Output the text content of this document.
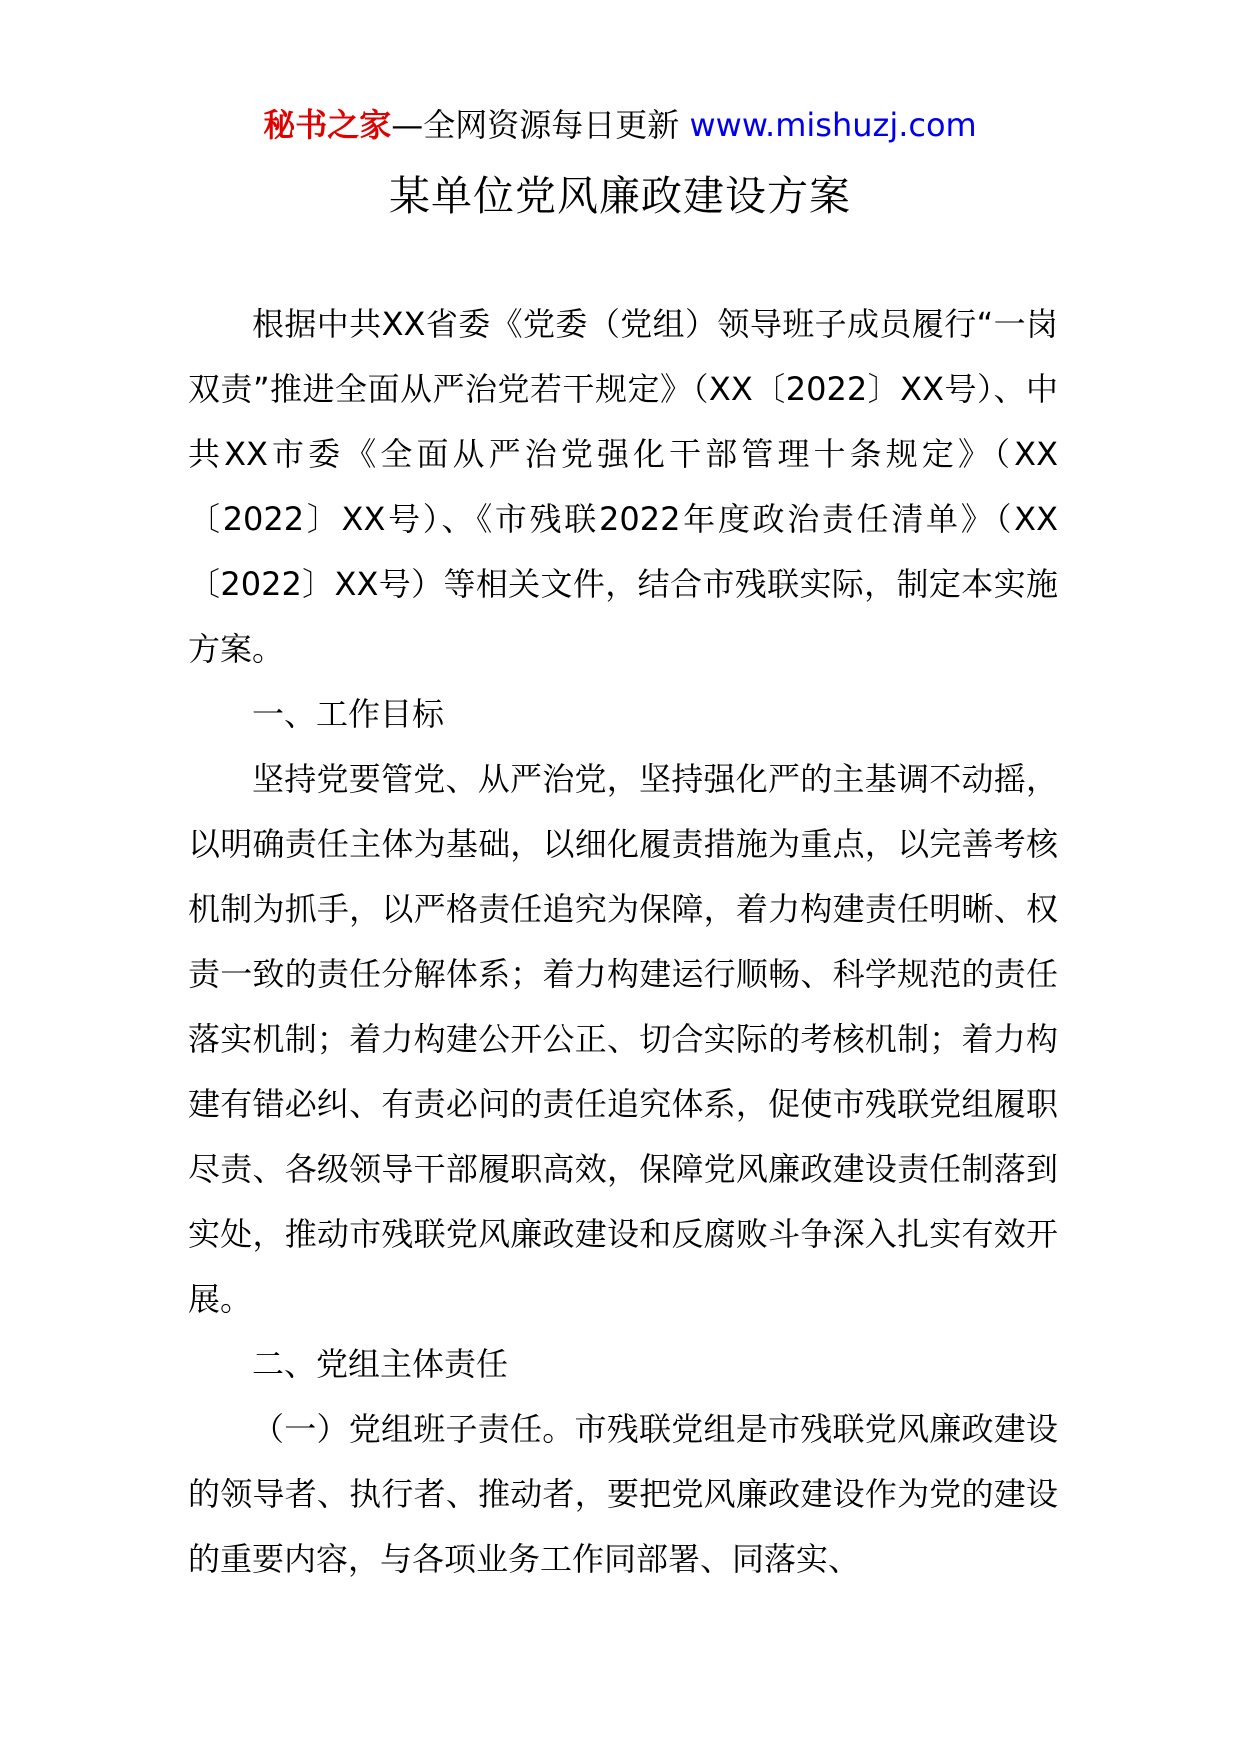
秘书之家—全网资源每日更新 www.mishuzj.com
某单位党风廉政建设方案

根据中共XX省委《党委（党组）领导班子成员履行“一岗双责”推进全面从严治党若干规定》（XX〔2022〕XX号）、中共XX市委《全面从严治党强化干部管理十条规定》（XX〔2022〕XX号）、《市残联2022年度政治责任清单》（XX〔2022〕XX号）等相关文件，结合市残联实际，制定本实施方案。

一、工作目标

坚持党要管党、从严治党，坚持强化严的主基调不动摇，以明确责任主体为基础，以细化履责措施为重点，以完善考核机制为抓手，以严格责任追究为保障，着力构建责任明晰、权责一致的责任分解体系；着力构建运行顺畅、科学规范的责任落实机制；着力构建公开公正、切合实际的考核机制；着力构建有错必纠、有责必问的责任追究体系，促使市残联党组履职尽责、各级领导干部履职高效，保障党风廉政建设责任制落到实处，推动市残联党风廉政建设和反腐败斗争深入扎实有效开展。

二、党组主体责任

（一）党组班子责任。市残联党组是市残联党风廉政建设的领导者、执行者、推动者，要把党风廉政建设作为党的建设的重要内容，与各项业务工作同部署、同落实、
